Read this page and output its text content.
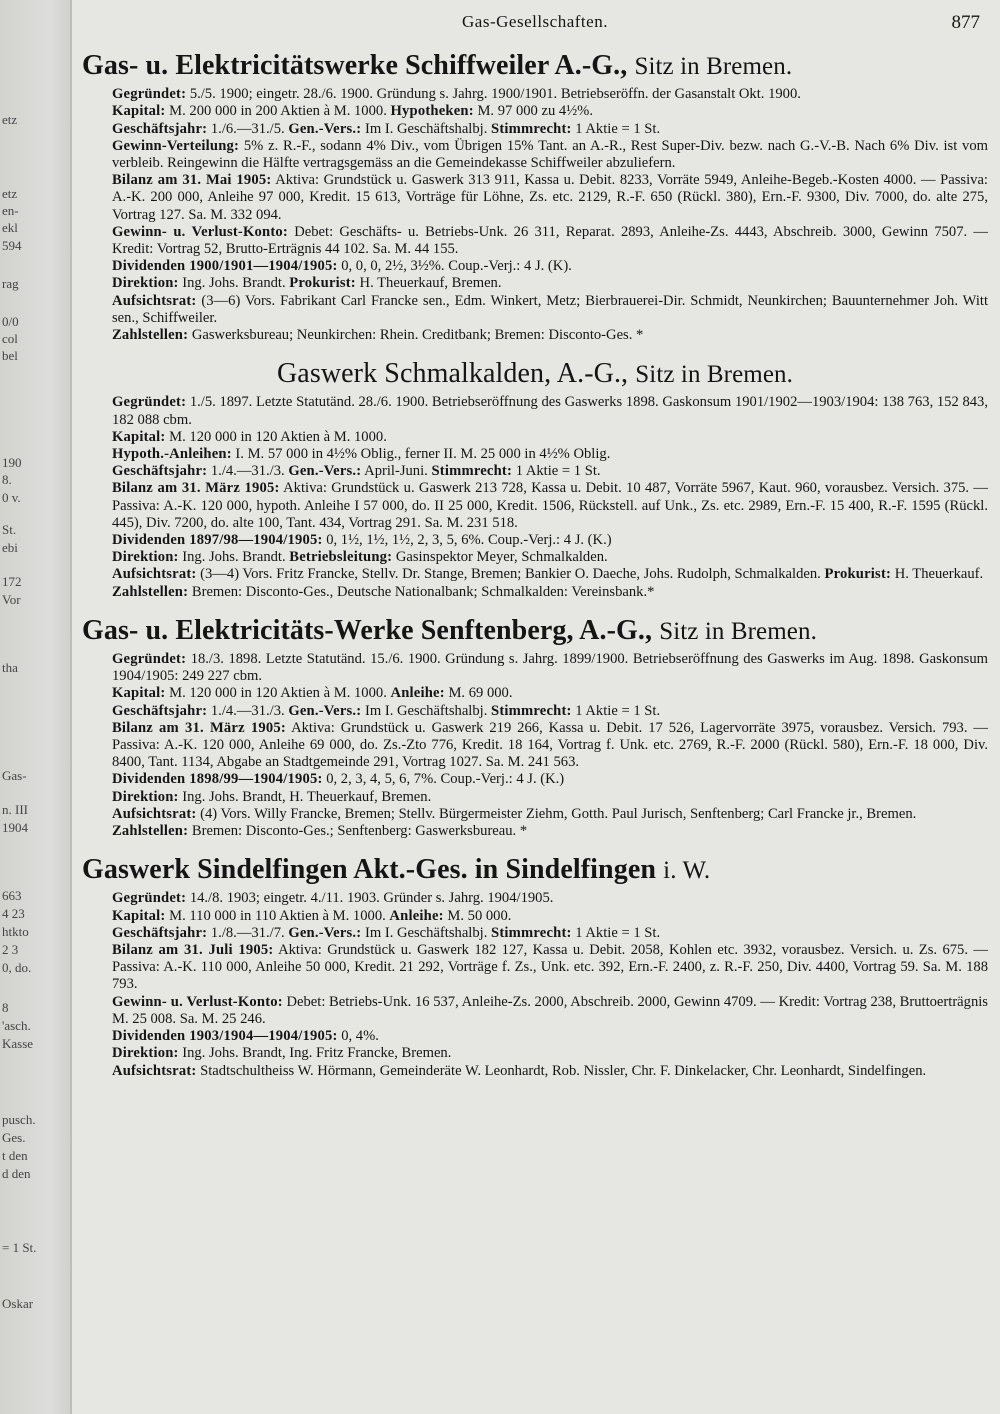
etz
etz
en-
ekl
594
rag
0/0
col
bel
190
8.
0 v.
St.
ebi
172
Vor
tha
Gas-
n. III
1904
663
4 23
htkto
2 3
0, do.
8
'asch.
Kasse
pusch.
Ges.
t den
d den
= 1 St.
Oskar
Gas-Gesellschaften.	877
Gas- u. Elektricitätswerke Schiffweiler A.-G., Sitz in Bremen.

Gegründet: 5./5. 1900; eingetr. 28./6. 1900. Gründung s. Jahrg. 1900/1901. Betriebseröffn. der Gasanstalt Okt. 1900.

Kapital: M. 200 000 in 200 Aktien à M. 1000. Hypotheken: M. 97 000 zu 4½%.

Geschäftsjahr: 1./6.—31./5. Gen.-Vers.: Im I. Geschäftshalbj. Stimmrecht: 1 Aktie = 1 St.

Gewinn-Verteilung: 5% z. R.-F., sodann 4% Div., vom Übrigen 15% Tant. an A.-R., Rest Super-Div. bezw. nach G.-V.-B. Nach 6% Div. ist vom verbleib. Reingewinn die Hälfte vertragsgemäss an die Gemeindekasse Schiffweiler abzuliefern.

Bilanz am 31. Mai 1905: Aktiva: Grundstück u. Gaswerk 313 911, Kassa u. Debit. 8233, Vorräte 5949, Anleihe-Begeb.-Kosten 4000. — Passiva: A.-K. 200 000, Anleihe 97 000, Kredit. 15 613, Vorträge für Löhne, Zs. etc. 2129, R.-F. 650 (Rückl. 380), Ern.-F. 9300, Div. 7000, do. alte 275, Vortrag 127. Sa. M. 332 094.

Gewinn- u. Verlust-Konto: Debet: Geschäfts- u. Betriebs-Unk. 26 311, Reparat. 2893, Anleihe-Zs. 4443, Abschreib. 3000, Gewinn 7507. — Kredit: Vortrag 52, Brutto-Erträgnis 44 102. Sa. M. 44 155.

Dividenden 1900/1901—1904/1905: 0, 0, 0, 2½, 3½%. Coup.-Verj.: 4 J. (K).

Direktion: Ing. Johs. Brandt. Prokurist: H. Theuerkauf, Bremen.

Aufsichtsrat: (3—6) Vors. Fabrikant Carl Francke sen., Edm. Winkert, Metz; Bierbrauerei-Dir. Schmidt, Neunkirchen; Bauunternehmer Joh. Witt sen., Schiffweiler.

Zahlstellen: Gaswerksbureau; Neunkirchen: Rhein. Creditbank; Bremen: Disconto-Ges. *

Gaswerk Schmalkalden, A.-G., Sitz in Bremen.

Gegründet: 1./5. 1897. Letzte Statutänd. 28./6. 1900. Betriebseröffnung des Gaswerks 1898. Gaskonsum 1901/1902—1903/1904: 138 763, 152 843, 182 088 cbm.

Kapital: M. 120 000 in 120 Aktien à M. 1000.

Hypoth.-Anleihen: I. M. 57 000 in 4½% Oblig., ferner II. M. 25 000 in 4½% Oblig.

Geschäftsjahr: 1./4.—31./3. Gen.-Vers.: April-Juni. Stimmrecht: 1 Aktie = 1 St.

Bilanz am 31. März 1905: Aktiva: Grundstück u. Gaswerk 213 728, Kassa u. Debit. 10 487, Vorräte 5967, Kaut. 960, vorausbez. Versich. 375. — Passiva: A.-K. 120 000, hypoth. Anleihe I 57 000, do. II 25 000, Kredit. 1506, Rückstell. auf Unk., Zs. etc. 2989, Ern.-F. 15 400, R.-F. 1595 (Rückl. 445), Div. 7200, do. alte 100, Tant. 434, Vortrag 291. Sa. M. 231 518.

Dividenden 1897/98—1904/1905: 0, 1½, 1½, 1½, 2, 3, 5, 6%. Coup.-Verj.: 4 J. (K.)

Direktion: Ing. Johs. Brandt. Betriebsleitung: Gasinspektor Meyer, Schmalkalden.

Aufsichtsrat: (3—4) Vors. Fritz Francke, Stellv. Dr. Stange, Bremen; Bankier O. Daeche, Johs. Rudolph, Schmalkalden. Prokurist: H. Theuerkauf.

Zahlstellen: Bremen: Disconto-Ges., Deutsche Nationalbank; Schmalkalden: Vereinsbank.*

Gas- u. Elektricitäts-Werke Senftenberg, A.-G., Sitz in Bremen.

Gegründet: 18./3. 1898. Letzte Statutänd. 15./6. 1900. Gründung s. Jahrg. 1899/1900. Betriebseröffnung des Gaswerks im Aug. 1898. Gaskonsum 1904/1905: 249 227 cbm.

Kapital: M. 120 000 in 120 Aktien à M. 1000. Anleihe: M. 69 000.

Geschäftsjahr: 1./4.—31./3. Gen.-Vers.: Im I. Geschäftshalbj. Stimmrecht: 1 Aktie = 1 St.

Bilanz am 31. März 1905: Aktiva: Grundstück u. Gaswerk 219 266, Kassa u. Debit. 17 526, Lagervorräte 3975, vorausbez. Versich. 793. — Passiva: A.-K. 120 000, Anleihe 69 000, do. Zs.-Zto 776, Kredit. 18 164, Vortrag f. Unk. etc. 2769, R.-F. 2000 (Rückl. 580), Ern.-F. 18 000, Div. 8400, Tant. 1134, Abgabe an Stadtgemeinde 291, Vortrag 1027. Sa. M. 241 563.

Dividenden 1898/99—1904/1905: 0, 2, 3, 4, 5, 6, 7%. Coup.-Verj.: 4 J. (K.)

Direktion: Ing. Johs. Brandt, H. Theuerkauf, Bremen.

Aufsichtsrat: (4) Vors. Willy Francke, Bremen; Stellv. Bürgermeister Ziehm, Gotth. Paul Jurisch, Senftenberg; Carl Francke jr., Bremen.

Zahlstellen: Bremen: Disconto-Ges.; Senftenberg: Gaswerksbureau. *

Gaswerk Sindelfingen Akt.-Ges. in Sindelfingen i. W.

Gegründet: 14./8. 1903; eingetr. 4./11. 1903. Gründer s. Jahrg. 1904/1905.

Kapital: M. 110 000 in 110 Aktien à M. 1000. Anleihe: M. 50 000.

Geschäftsjahr: 1./8.—31./7. Gen.-Vers.: Im I. Geschäftshalbj. Stimmrecht: 1 Aktie = 1 St.

Bilanz am 31. Juli 1905: Aktiva: Grundstück u. Gaswerk 182 127, Kassa u. Debit. 2058, Kohlen etc. 3932, vorausbez. Versich. u. Zs. 675. — Passiva: A.-K. 110 000, Anleihe 50 000, Kredit. 21 292, Vorträge f. Zs., Unk. etc. 392, Ern.-F. 2400, z. R.-F. 250, Div. 4400, Vortrag 59. Sa. M. 188 793.

Gewinn- u. Verlust-Konto: Debet: Betriebs-Unk. 16 537, Anleihe-Zs. 2000, Abschreib. 2000, Gewinn 4709. — Kredit: Vortrag 238, Bruttoerträgnis M. 25 008. Sa. M. 25 246.

Dividenden 1903/1904—1904/1905: 0, 4%.

Direktion: Ing. Johs. Brandt, Ing. Fritz Francke, Bremen.

Aufsichtsrat: Stadtschultheiss W. Hörmann, Gemeinderäte W. Leonhardt, Rob. Nissler, Chr. F. Dinkelacker, Chr. Leonhardt, Sindelfingen.
